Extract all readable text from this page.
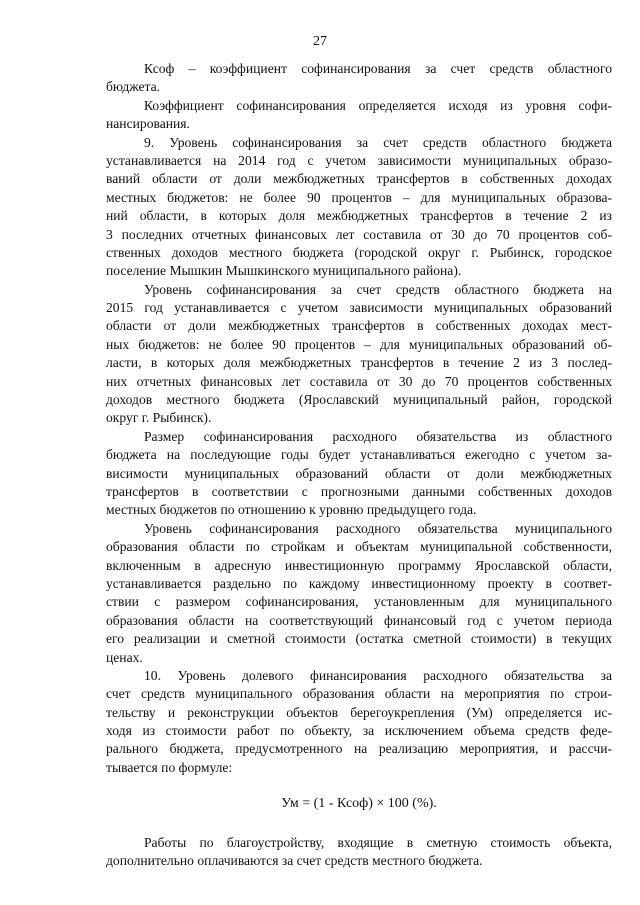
27
Ксоф – коэффициент софинансирования за счет средств областного
бюджета.
Коэффициент софинансирования определяется исходя из уровня софи-
нансирования.
9. Уровень софинансирования за счет средств областного бюджета
устанавливается на 2014 год с учетом зависимости муниципальных образо-
ваний области от доли межбюджетных трансфертов в собственных доходах
местных бюджетов: не более 90 процентов – для муниципальных образова-
ний области, в которых доля межбюджетных трансфертов в течение 2 из
3 последних отчетных финансовых лет составила от 30 до 70 процентов соб-
ственных доходов местного бюджета (городской округ г. Рыбинск, городское
поселение Мышкин Мышкинского муниципального района).
Уровень софинансирования за счет средств областного бюджета на
2015 год устанавливается с учетом зависимости муниципальных образований
области от доли межбюджетных трансфертов в собственных доходах мест-
ных бюджетов: не более 90 процентов – для муниципальных образований об-
ласти, в которых доля межбюджетных трансфертов в течение 2 из 3 послед-
них отчетных финансовых лет составила от 30 до 70 процентов собственных
доходов местного бюджета (Ярославский муниципальный район, городской
округ г. Рыбинск).
Размер софинансирования расходного обязательства из областного
бюджета на последующие годы будет устанавливаться ежегодно с учетом за-
висимости муниципальных образований области от доли межбюджетных
трансфертов в соответствии с прогнозными данными собственных доходов
местных бюджетов по отношению к уровню предыдущего года.
Уровень софинансирования расходного обязательства муниципального
образования области по стройкам и объектам муниципальной собственности,
включенным в адресную инвестиционную программу Ярославской области,
устанавливается раздельно по каждому инвестиционному проекту в соответ-
ствии с размером софинансирования, установленным для муниципального
образования области на соответствующий финансовый год с учетом периода
его реализации и сметной стоимости (остатка сметной стоимости) в текущих
ценах.
10. Уровень долевого финансирования расходного обязательства за
счет средств муниципального образования области на мероприятия по строи-
тельству и реконструкции объектов берегоукрепления (Ум) определяется ис-
ходя из стоимости работ по объекту, за исключением объема средств феде-
рального бюджета, предусмотренного на реализацию мероприятия, и рассчи-
тывается по формуле:
Ум = (1 - Ксоф) × 100 (%).
Работы по благоустройству, входящие в сметную стоимость объекта,
дополнительно оплачиваются за счет средств местного бюджета.
